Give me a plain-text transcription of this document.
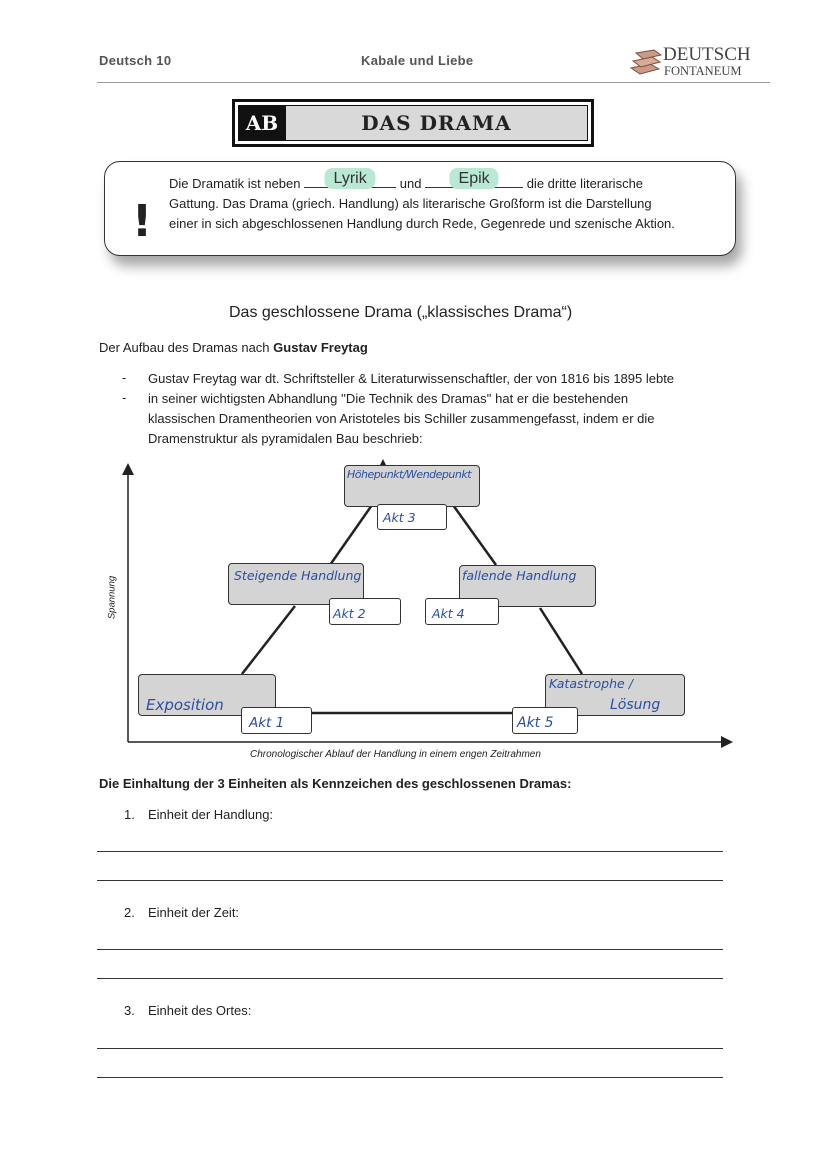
Deutsch 10	Kabale und Liebe	DEUTSCH
FONTANEUM
AB	DAS DRAMA
!
Die Dramatik ist neben	Lyrik	und	Epik	die dritte literarische
Gattung. Das Drama (griech. Handlung) als literarische Großform ist die Darstellung
einer in sich abgeschlossenen Handlung durch Rede, Gegenrede und szenische Aktion.
Das geschlossene Drama („klassisches Drama“)
Der Aufbau des Dramas nach Gustav Freytag
- Gustav Freytag war dt. Schriftsteller & Literaturwissenschaftler, der von 1816 bis 1895 lebte
- in seiner wichtigsten Abhandlung ''Die Technik des Dramas'' hat er die bestehenden
klassischen Dramentheorien von Aristoteles bis Schiller zusammengefasst, indem er die
Dramenstruktur als pyramidalen Bau beschrieb:
Spannung
Höhepunkt/Wendepunkt
Akt 3
Steigende Handlung
Akt 2
fallende Handlung
Akt 4
Exposition
Akt 1
Katastrophe /
Lösung
Akt 5
Chronologischer Ablauf der Handlung in einem engen Zeitrahmen
Die Einhaltung der 3 Einheiten als Kennzeichen des geschlossenen Dramas:
1. Einheit der Handlung:
2. Einheit der Zeit:
3. Einheit des Ortes:
